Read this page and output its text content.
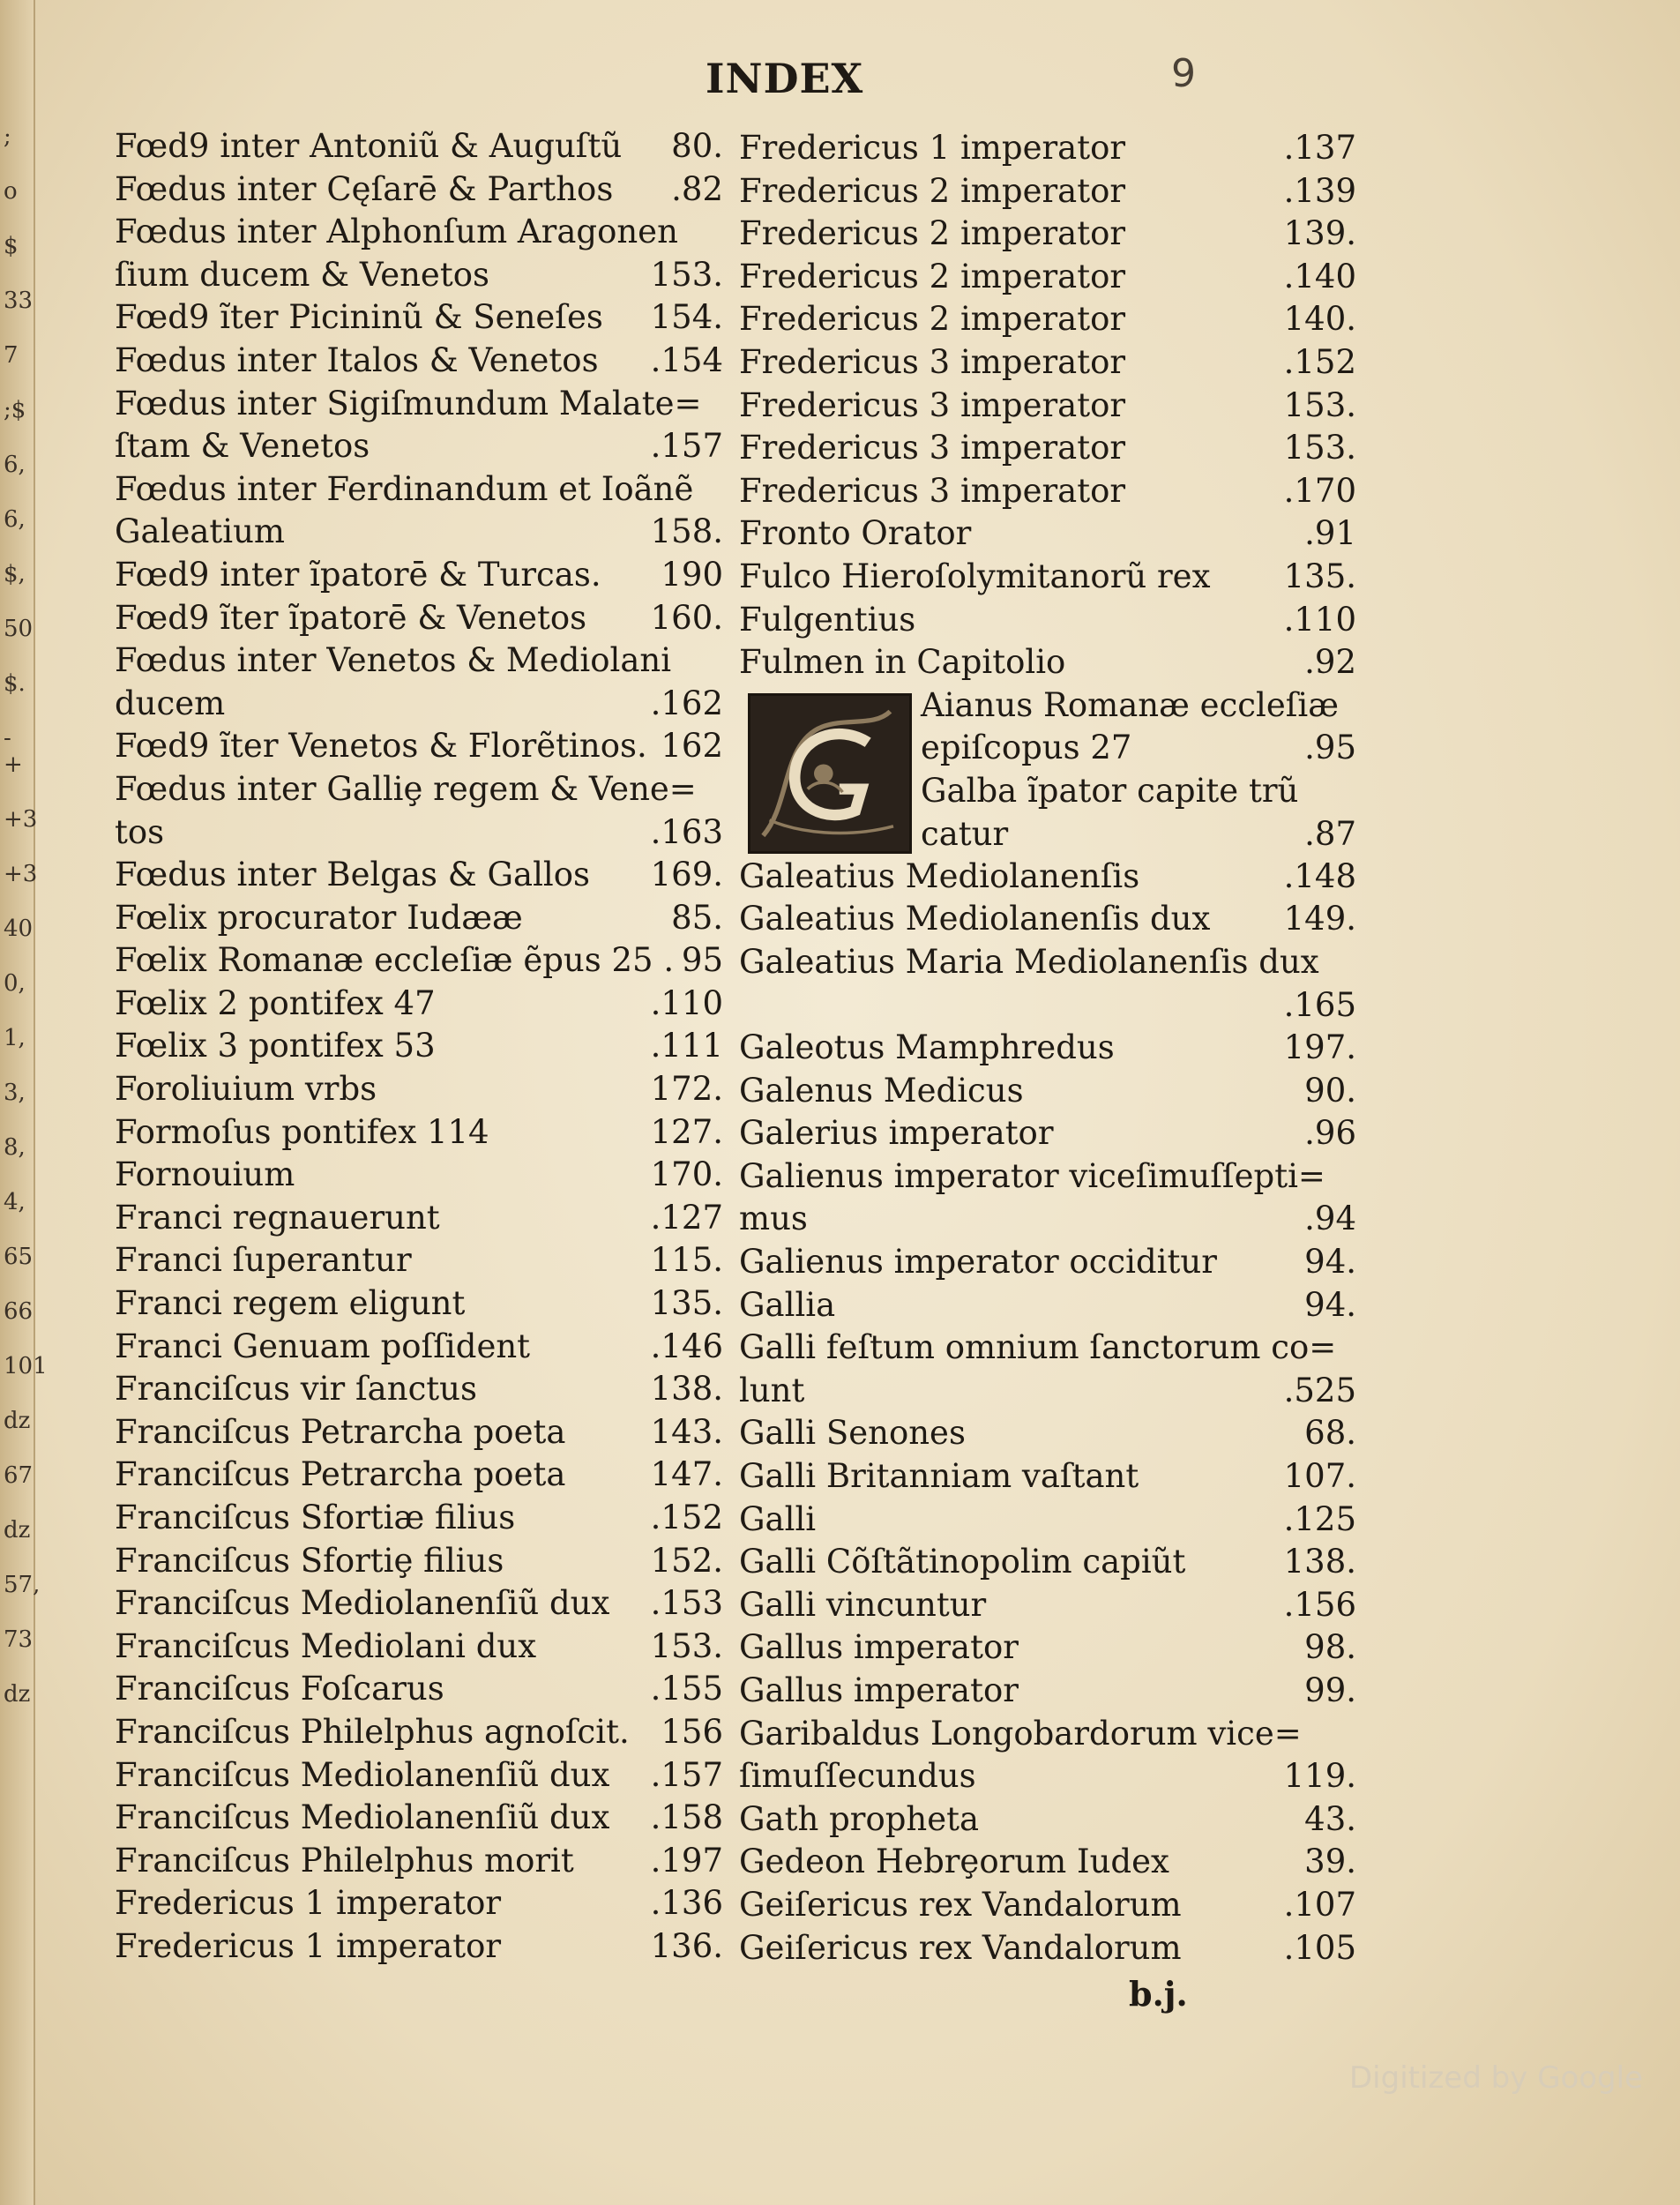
;
o
$
33
7
;$
6,
6,
$,
50
$.
-+
+3
+3
40
0,
1,
3,
8,
4,
65
66
101
dz
67
dz
57,
73
dz
INDEX	9
Fœd9 inter Antoniũ & Auguſtũ	80.
Fœdus inter Cęſarē & Parthos	.82
Fœdus inter Alphonſum Aragonen
ſium ducem & Venetos	153.
Fœd9 ĩter Picininũ & Seneſes	154.
Fœdus inter Italos & Venetos	.154
Fœdus inter Sigiſmundum Malate=
ſtam & Venetos	.157
Fœdus inter Ferdinandum et Ioãnẽ
Galeatium	158.
Fœd9 inter ĩpatorē & Turcas.	190
Fœd9 ĩter ĩpatorē & Venetos	160.
Fœdus inter Venetos & Mediolani
ducem	.162
Fœd9 ĩter Venetos & Florẽtinos. 162
Fœdus inter Galliȩ regem & Vene=
tos	.163
Fœdus inter Belgas & Gallos	169.
Fœlix procurator Iudææ	85.
Fœlix Romanæ eccleſiæ ẽpus 25 . 95
Fœlix 2 pontifex 47	.110
Fœlix 3 pontifex 53	.111
Foroliuium vrbs	172.
Formoſus pontifex 114	127.
Fornouium	170.
Franci regnauerunt	.127
Franci ſuperantur	115.
Franci regem eligunt	135.
Franci Genuam poſſident	.146
Franciſcus vir ſanctus	138.
Franciſcus Petrarcha poeta	143.
Franciſcus Petrarcha poeta	147.
Franciſcus Sfortiæ filius	.152
Franciſcus Sfortiȩ filius	152.
Franciſcus Mediolanenſiũ dux	.153
Franciſcus Mediolani dux	153.
Franciſcus Foſcarus	.155
Franciſcus Philelphus agnoſcit. 156
Franciſcus Mediolanenſiũ dux	.157
Franciſcus Mediolanenſiũ dux	.158
Franciſcus Philelphus morit	.197
Fredericus 1 imperator	.136
Fredericus 1 imperator	136.
Fredericus 1 imperator	.137
Fredericus 2 imperator	.139
Fredericus 2 imperator	139.
Fredericus 2 imperator	.140
Fredericus 2 imperator	140.
Fredericus 3 imperator	.152
Fredericus 3 imperator	153.
Fredericus 3 imperator	153.
Fredericus 3 imperator	.170
Fronto Orator	.91
Fulco Hieroſolymitanorũ rex	135.
Fulgentius	.110
Fulmen in Capitolio	.92
Aianus Romanæ eccleſiæ
epiſcopus 27	.95
Galba ĩpator capite trũ
catur	.87
Galeatius Mediolanenſis	.148
Galeatius Mediolanenſis dux	149.
Galeatius Maria Mediolanenſis dux
.165
Galeotus Mamphredus	197.
Galenus Medicus	90.
Galerius imperator	.96
Galienus imperator viceſimuſſepti=
mus	.94
Galienus imperator occiditur	94.
Gallia	94.
Galli feſtum omnium ſanctorum co=
lunt	.525
Galli Senones	68.
Galli Britanniam vaſtant	107.
Galli	.125
Galli Cõſtãtinopolim capiũt	138.
Galli vincuntur	.156
Gallus imperator	98.
Gallus imperator	99.
Garibaldus Longobardorum vice=
ſimuſſecundus	119.
Gath propheta	43.
Gedeon Hebrȩorum Iudex	39.
Geiſericus rex Vandalorum	.107
Geiſericus rex Vandalorum	.105
b.j.
Digitized by Google
